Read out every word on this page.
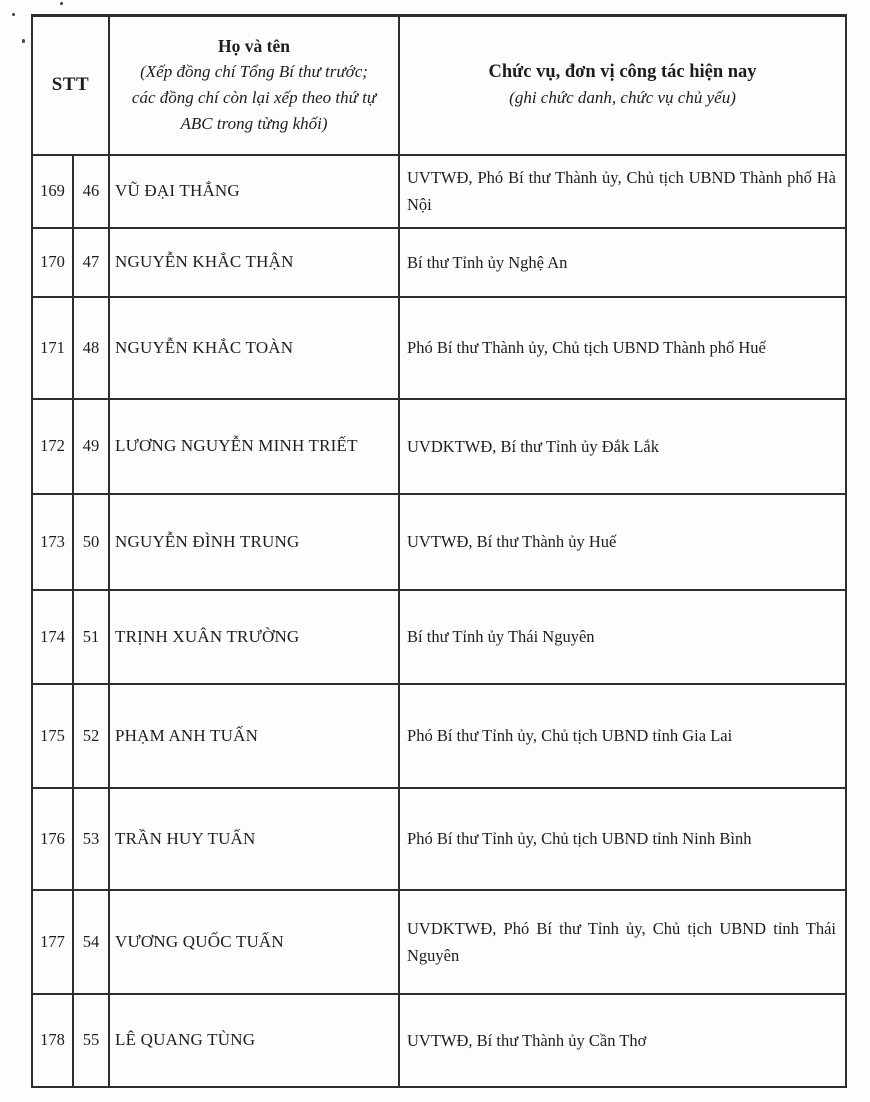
STT	
Họ và tên
(Xếp đồng chí Tổng Bí thư trước;
các đồng chí còn lại xếp theo thứ tự
ABC trong từng khối)

Chức vụ, đơn vị công tác hiện nay
(ghi chức danh, chức vụ chủ yếu)

169	46	VŨ ĐẠI THẮNG	UVTWĐ, Phó Bí thư Thành ủy, Chủ tịch UBND Thành phố Hà Nội
170	47	NGUYỄN KHẮC THẬN	Bí thư Tỉnh ủy Nghệ An
171	48	NGUYỄN KHẮC TOÀN	Phó Bí thư Thành ủy, Chủ tịch UBND Thành phố Huế
172	49	LƯƠNG NGUYỄN MINH TRIẾT	UVDKTWĐ, Bí thư Tỉnh ủy Đắk Lắk
173	50	NGUYỄN ĐÌNH TRUNG	UVTWĐ, Bí thư Thành ủy Huế
174	51	TRỊNH XUÂN TRƯỜNG	Bí thư Tỉnh ủy Thái Nguyên
175	52	PHẠM ANH TUẤN	Phó Bí thư Tỉnh ủy, Chủ tịch UBND tỉnh Gia Lai
176	53	TRẦN HUY TUẤN	Phó Bí thư Tỉnh ủy, Chủ tịch UBND tỉnh Ninh Bình
177	54	VƯƠNG QUỐC TUẤN	UVDKTWĐ, Phó Bí thư Tỉnh ủy, Chủ tịch UBND tỉnh Thái Nguyên
178	55	LÊ QUANG TÙNG	UVTWĐ, Bí thư Thành ủy Cần Thơ
